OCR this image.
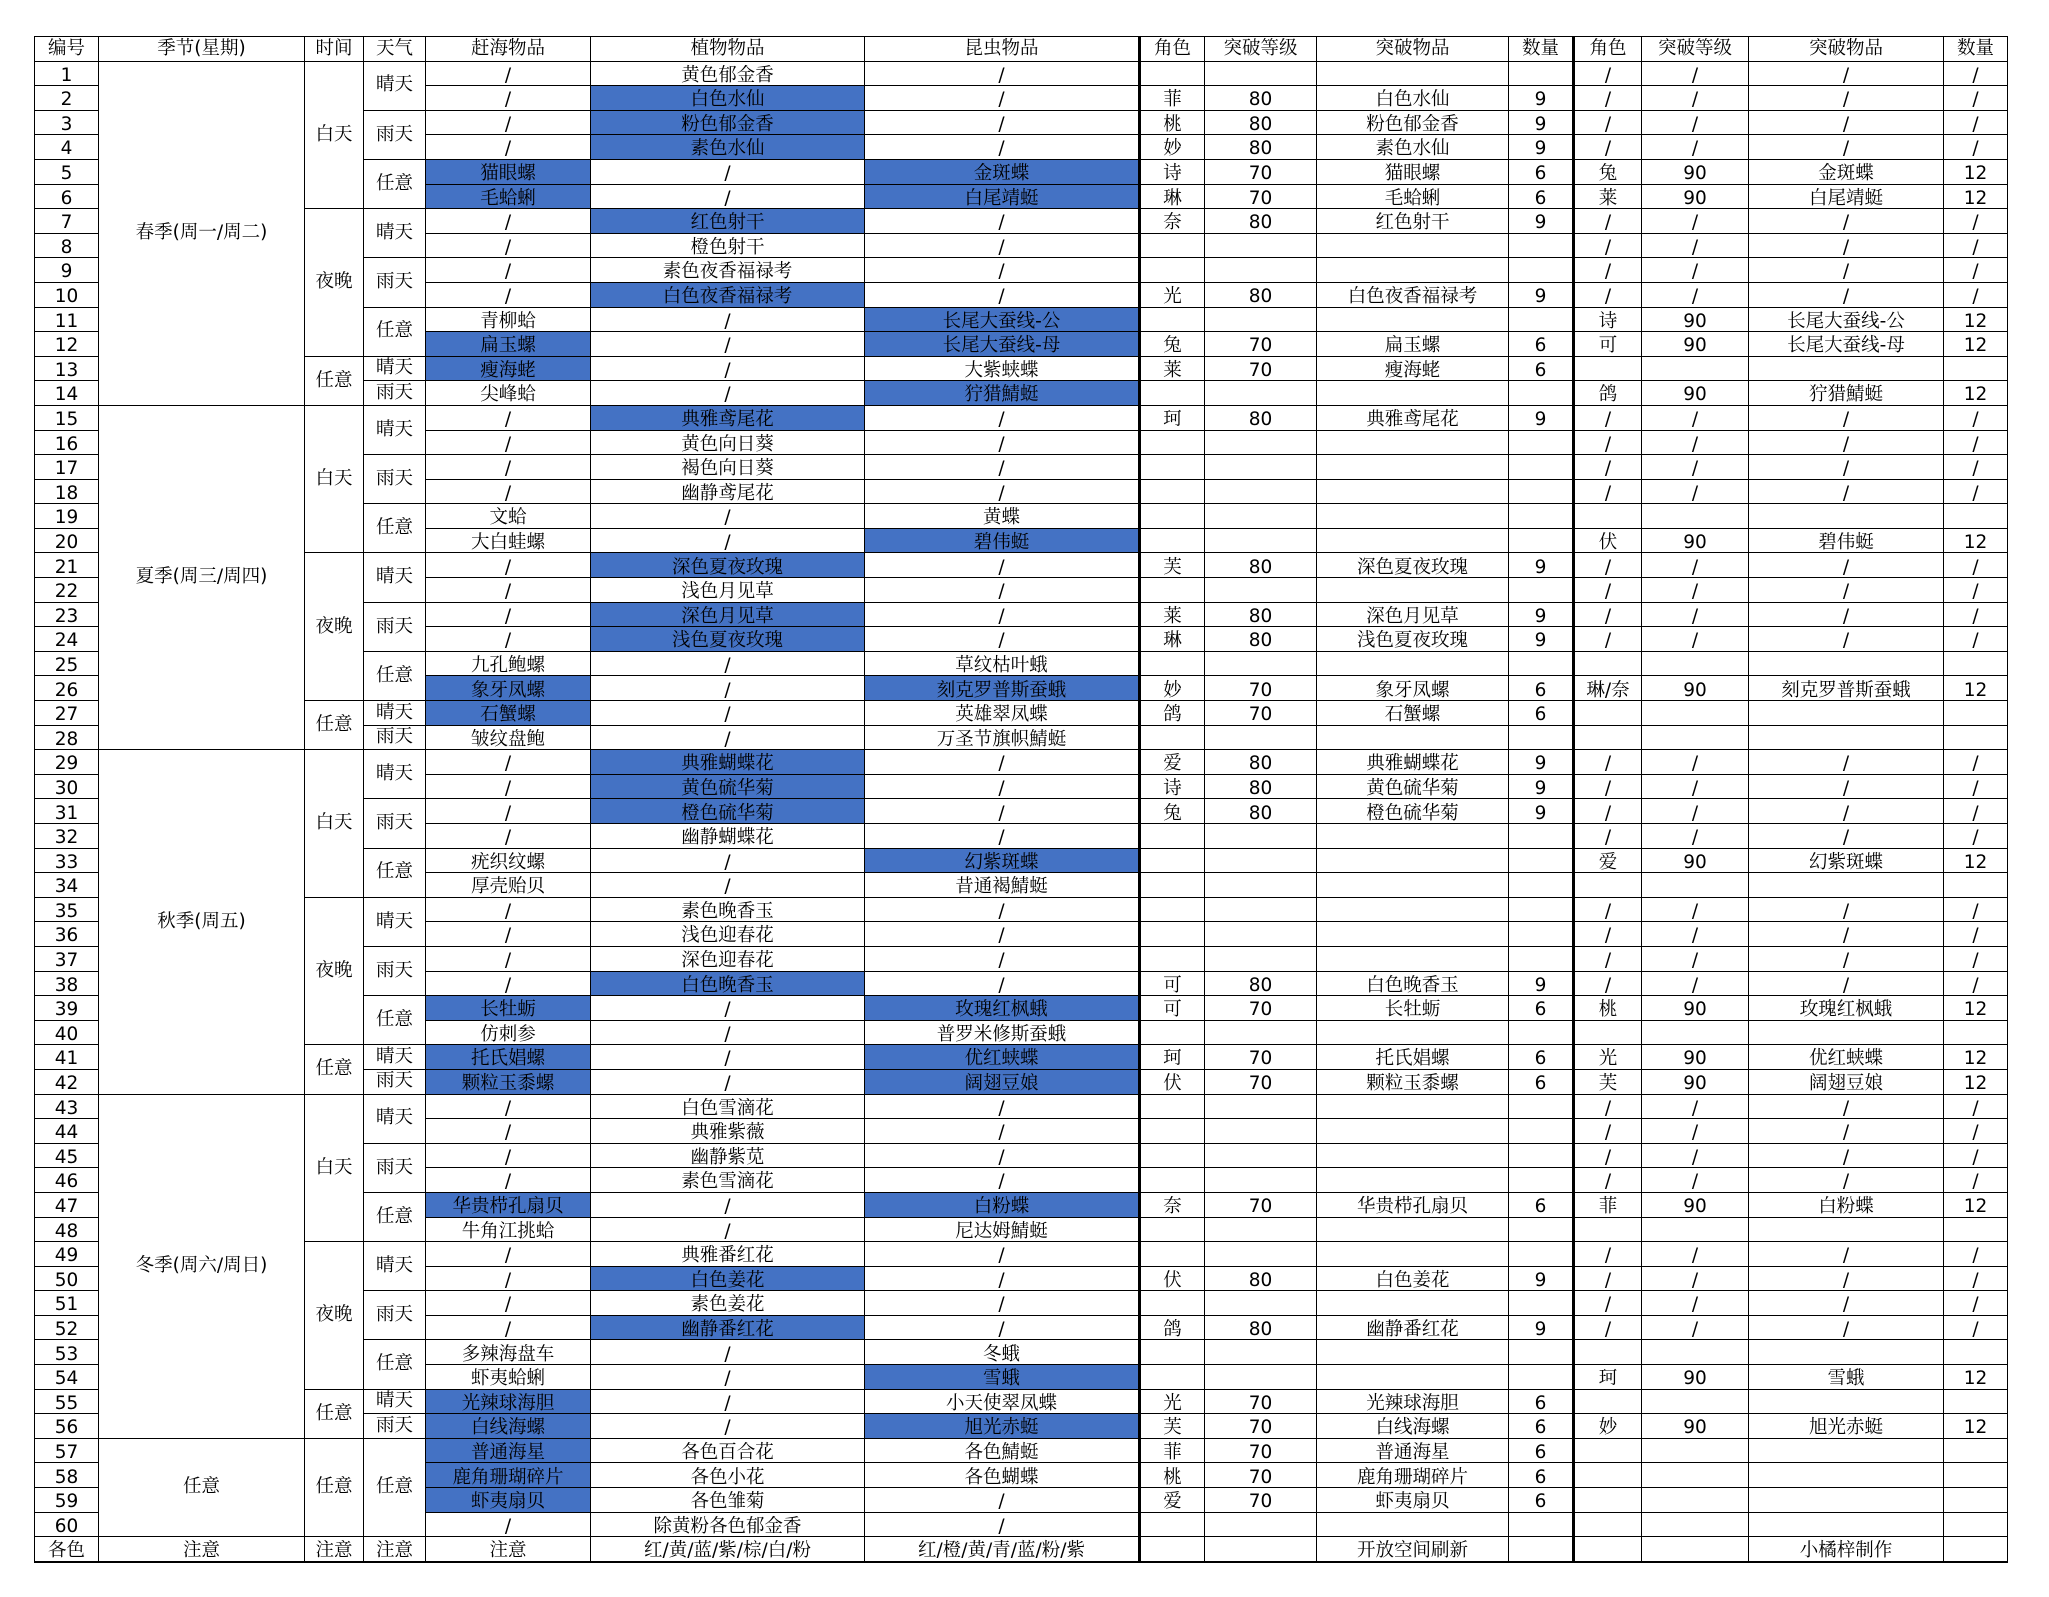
编号	季节(星期)	时间	天气	赶海物品	植物物品	昆虫物品	角色	突破等级	突破物品	数量	角色	突破等级	突破物品	数量
1	春季(周一/周二)	白天	晴天	/	黄色郁金香	/					/	/	/	/
2				/	白色水仙	/	菲	80	白色水仙	9	/	/	/	/
3			雨天	/	粉色郁金香	/	桃	80	粉色郁金香	9	/	/	/	/
4				/	素色水仙	/	妙	80	素色水仙	9	/	/	/	/
5			任意	猫眼螺	/	金斑蝶	诗	70	猫眼螺	6	兔	90	金斑蝶	12
6				毛蛤蜊	/	白尾靖蜓	琳	70	毛蛤蜊	6	莱	90	白尾靖蜓	12
7		夜晚	晴天	/	红色射干	/	奈	80	红色射干	9	/	/	/	/
8				/	橙色射干	/					/	/	/	/
9			雨天	/	素色夜香福禄考	/					/	/	/	/
10				/	白色夜香福禄考	/	光	80	白色夜香福禄考	9	/	/	/	/
11			任意	青柳蛤	/	长尾大蚕线-公					诗	90	长尾大蚕线-公	12
12				扁玉螺	/	长尾大蚕线-母	兔	70	扁玉螺	6	可	90	长尾大蚕线-母	12
13		任意	晴天	瘦海蛯	/	大紫蛱蝶	莱	70	瘦海蛯	6				
14			雨天	尖峰蛤	/	狞猎鯖蜓					鸽	90	狞猎鯖蜓	12
15	夏季(周三/周四)	白天	晴天	/	典雅鸢尾花	/	珂	80	典雅鸢尾花	9	/	/	/	/
16				/	黄色向日葵	/					/	/	/	/
17			雨天	/	褐色向日葵	/					/	/	/	/
18				/	幽静鸢尾花	/					/	/	/	/
19			任意	文蛤	/	黄蝶								
20				大白蛙螺	/	碧伟蜓					伏	90	碧伟蜓	12
21		夜晚	晴天	/	深色夏夜玫瑰	/	芙	80	深色夏夜玫瑰	9	/	/	/	/
22				/	浅色月见草	/					/	/	/	/
23			雨天	/	深色月见草	/	莱	80	深色月见草	9	/	/	/	/
24				/	浅色夏夜玫瑰	/	琳	80	浅色夏夜玫瑰	9	/	/	/	/
25			任意	九孔鲍螺	/	草纹枯叶蛾								
26				象牙凤螺	/	刻克罗普斯蚕蛾	妙	70	象牙凤螺	6	琳/奈	90	刻克罗普斯蚕蛾	12
27		任意	晴天	石蟹螺	/	英雄翠凤蝶	鸽	70	石蟹螺	6				
28			雨天	皱纹盘鲍	/	万圣节旗帜鯖蜓								
29	秋季(周五)	白天	晴天	/	典雅蝴蝶花	/	爱	80	典雅蝴蝶花	9	/	/	/	/
30				/	黄色硫华菊	/	诗	80	黄色硫华菊	9	/	/	/	/
31			雨天	/	橙色硫华菊	/	兔	80	橙色硫华菊	9	/	/	/	/
32				/	幽静蝴蝶花	/					/	/	/	/
33			任意	疣织纹螺	/	幻紫斑蝶					爱	90	幻紫斑蝶	12
34				厚壳贻贝	/	昔通褐鯖蜓								
35		夜晚	晴天	/	素色晚香玉	/					/	/	/	/
36				/	浅色迎春花	/					/	/	/	/
37			雨天	/	深色迎春花	/					/	/	/	/
38				/	白色晚香玉	/	可	80	白色晚香玉	9	/	/	/	/
39			任意	长牡蛎	/	玫瑰红枫蛾	可	70	长牡蛎	6	桃	90	玫瑰红枫蛾	12
40				仿刺参	/	普罗米修斯蚕蛾								
41		任意	晴天	托氏娼螺	/	优红蛱蝶	珂	70	托氏娼螺	6	光	90	优红蛱蝶	12
42			雨天	颗粒玉黍螺	/	阔翅豆娘	伏	70	颗粒玉黍螺	6	芙	90	阔翅豆娘	12
43	冬季(周六/周日)	白天	晴天	/	白色雪滴花	/					/	/	/	/
44				/	典雅紫薇	/					/	/	/	/
45			雨天	/	幽静紫苋	/					/	/	/	/
46				/	素色雪滴花	/					/	/	/	/
47			任意	华贵栉孔扇贝	/	白粉蝶	奈	70	华贵栉孔扇贝	6	菲	90	白粉蝶	12
48				牛角江挑蛤	/	尼达姆鯖蜓								
49		夜晚	晴天	/	典雅番红花	/					/	/	/	/
50				/	白色姜花	/	伏	80	白色姜花	9	/	/	/	/
51			雨天	/	素色姜花	/					/	/	/	/
52				/	幽静番红花	/	鸽	80	幽静番红花	9	/	/	/	/
53			任意	多辣海盘车	/	冬蛾								
54				虾夷蛤蜊	/	雪蛾					珂	90	雪蛾	12
55		任意	晴天	光辣球海胆	/	小天使翠凤蝶	光	70	光辣球海胆	6				
56			雨天	白线海螺	/	旭光赤蜓	芙	70	白线海螺	6	妙	90	旭光赤蜓	12
57	任意	任意	任意	普通海星	各色百合花	各色鯖蜓	菲	70	普通海星	6				
58				鹿角珊瑚碎片	各色小花	各色蝴蝶	桃	70	鹿角珊瑚碎片	6				
59				虾夷扇贝	各色雏菊	/	爱	70	虾夷扇贝	6				
60				/	除黄粉各色郁金香	/								
各色	注意	注意	注意	注意	红/黄/蓝/紫/棕/白/粉	红/橙/黄/青/蓝/粉/紫			开放空间刷新				小橘梓制作	
